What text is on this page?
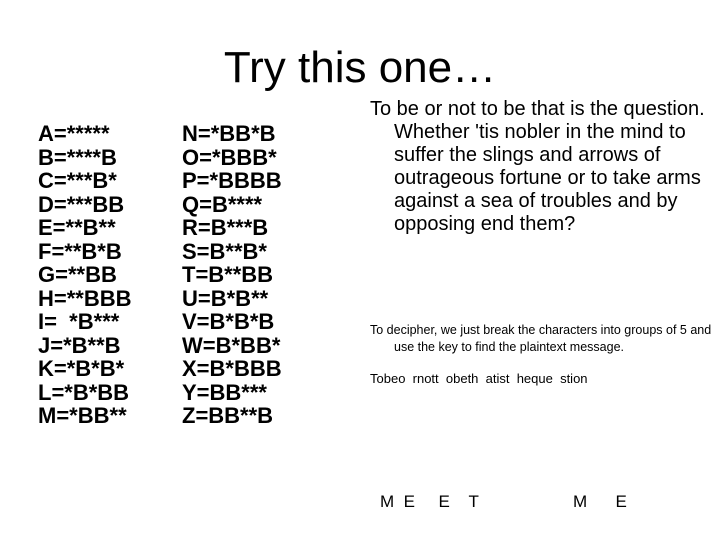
Try this one…
A=*****
B=****B
C=***B*
D=***BB
E=**B**
F=**B*B
G=**BB
H=**BBB
I=  *B***
J=*B**B
K=*B*B*
L=*B*BB
M=*BB**
N=*BB*B
O=*BBB*
P=*BBBB
Q=B****
R=B***B
S=B**B*
T=B**BB
U=B*B**
V=B*B*B
W=B*BB*
X=B*BBB
Y=BB***
Z=BB**B

To be or not to be that is the question. Whether 'tis nobler in the mind to suffer the slings and arrows of outrageous fortune or to take arms against a sea of troubles and by opposing end them?

To decipher, we just break the characters into groups of 5 and use the key to find the plaintext message.

Tobeo  rnott  obeth  atist  heque  stion
M  E     E    T                    M      E
